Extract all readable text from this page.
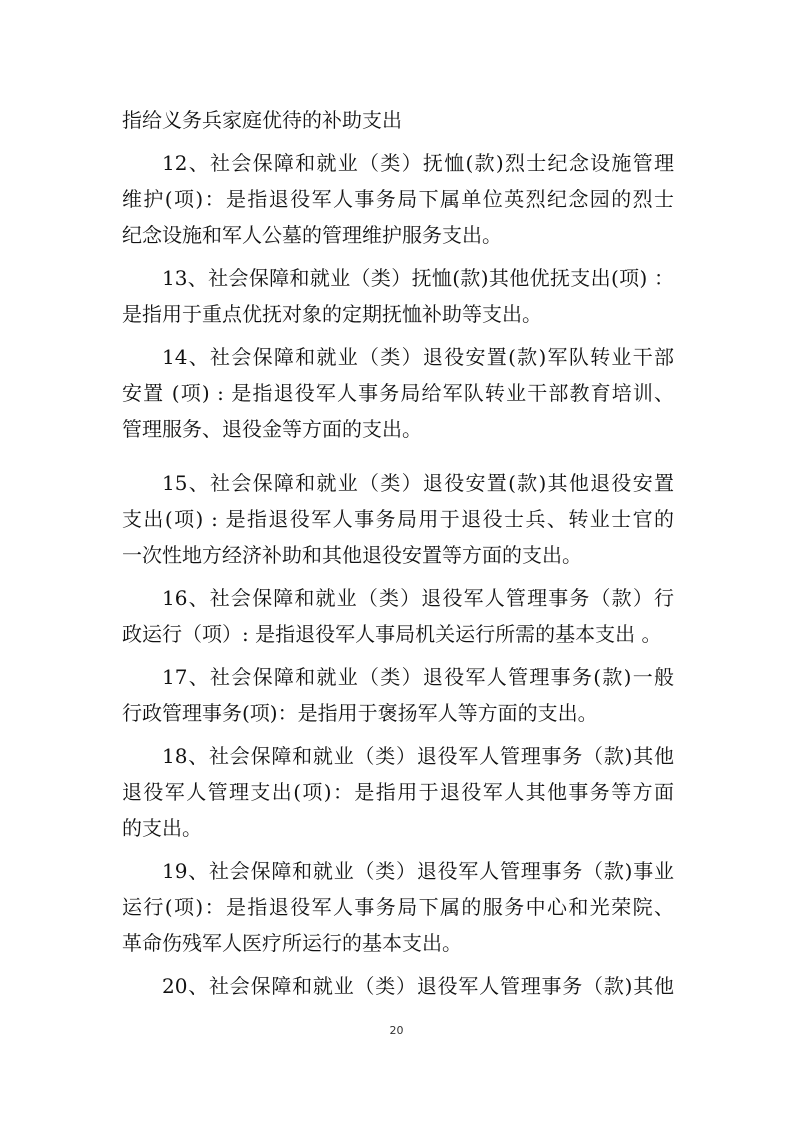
指给义务兵家庭优待的补助支出
12、社会保障和就业（类）抚恤(款)烈士纪念设施管理
维护(项)：是指退役军人事务局下属单位英烈纪念园的烈士
纪念设施和军人公墓的管理维护服务支出。
13、社会保障和就业（类）抚恤(款)其他优抚支出(项) ：
是指用于重点优抚对象的定期抚恤补助等支出。
14、社会保障和就业（类）退役安置(款)军队转业干部
安置 (项) : 是指退役军人事务局给军队转业干部教育培训、
管理服务、退役金等方面的支出。
15、社会保障和就业（类）退役安置(款)其他退役安置
支出(项) : 是指退役军人事务局用于退役士兵、转业士官的
一次性地方经济补助和其他退役安置等方面的支出。
16、社会保障和就业（类）退役军人管理事务（款）行
政运行（项）: 是指退役军人事局机关运行所需的基本支出 。
17、社会保障和就业（类）退役军人管理事务(款)一般
行政管理事务(项)：是指用于褒扬军人等方面的支出。
18、社会保障和就业（类）退役军人管理事务（款)其他
退役军人管理支出(项)：是指用于退役军人其他事务等方面
的支出。
19、社会保障和就业（类）退役军人管理事务（款)事业
运行(项)：是指退役军人事务局下属的服务中心和光荣院、
革命伤残军人医疗所运行的基本支出。
20、社会保障和就业（类）退役军人管理事务（款)其他
20
